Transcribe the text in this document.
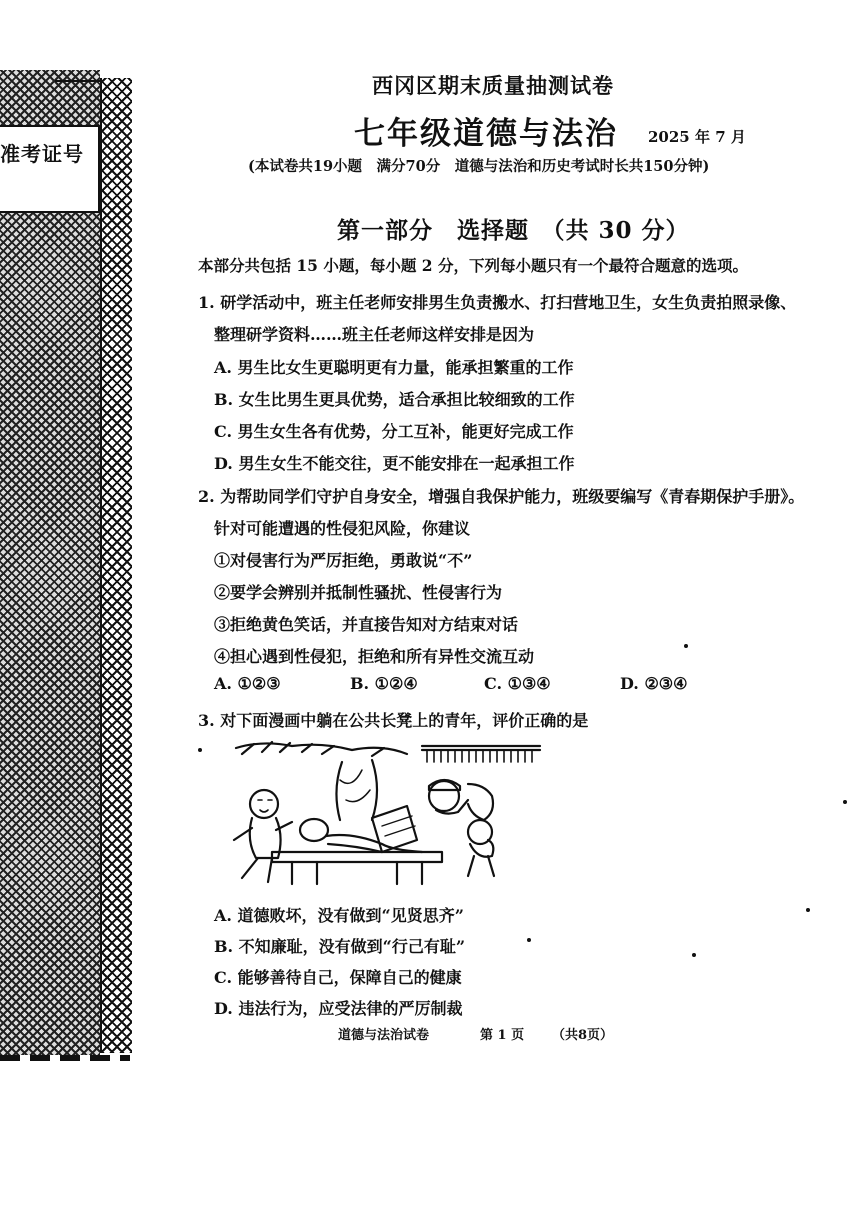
准考证号
西冈区期末质量抽测试卷
七年级道德与法治 2025 年 7 月
(本试卷共19小题　满分70分　道德与法治和历史考试时长共150分钟)
第一部分　选择题　（共 30 分）
本部分共包括 15 小题，每小题 2 分，下列每小题只有一个最符合题意的选项。
1. 研学活动中，班主任老师安排男生负责搬水、打扫营地卫生，女生负责拍照录像、
整理研学资料……班主任老师这样安排是因为
A. 男生比女生更聪明更有力量，能承担繁重的工作
B. 女生比男生更具优势，适合承担比较细致的工作
C. 男生女生各有优势，分工互补，能更好完成工作
D. 男生女生不能交往，更不能安排在一起承担工作
2. 为帮助同学们守护自身安全，增强自我保护能力，班级要编写《青春期保护手册》。
针对可能遭遇的性侵犯风险，你建议
①对侵害行为严厉拒绝，勇敢说“不”
②要学会辨别并抵制性骚扰、性侵害行为
③拒绝黄色笑话，并直接告知对方结束对话
④担心遇到性侵犯，拒绝和所有异性交流互动
A. ①②③	B. ①②④	C. ①③④	D. ②③④
3. 对下面漫画中躺在公共长凳上的青年，评价正确的是
A. 道德败坏，没有做到“见贤思齐”
B. 不知廉耻，没有做到“行己有耻”
C. 能够善待自己，保障自己的健康
D. 违法行为，应受法律的严厉制裁
道德与法治试卷	第 1 页 （共8页）
